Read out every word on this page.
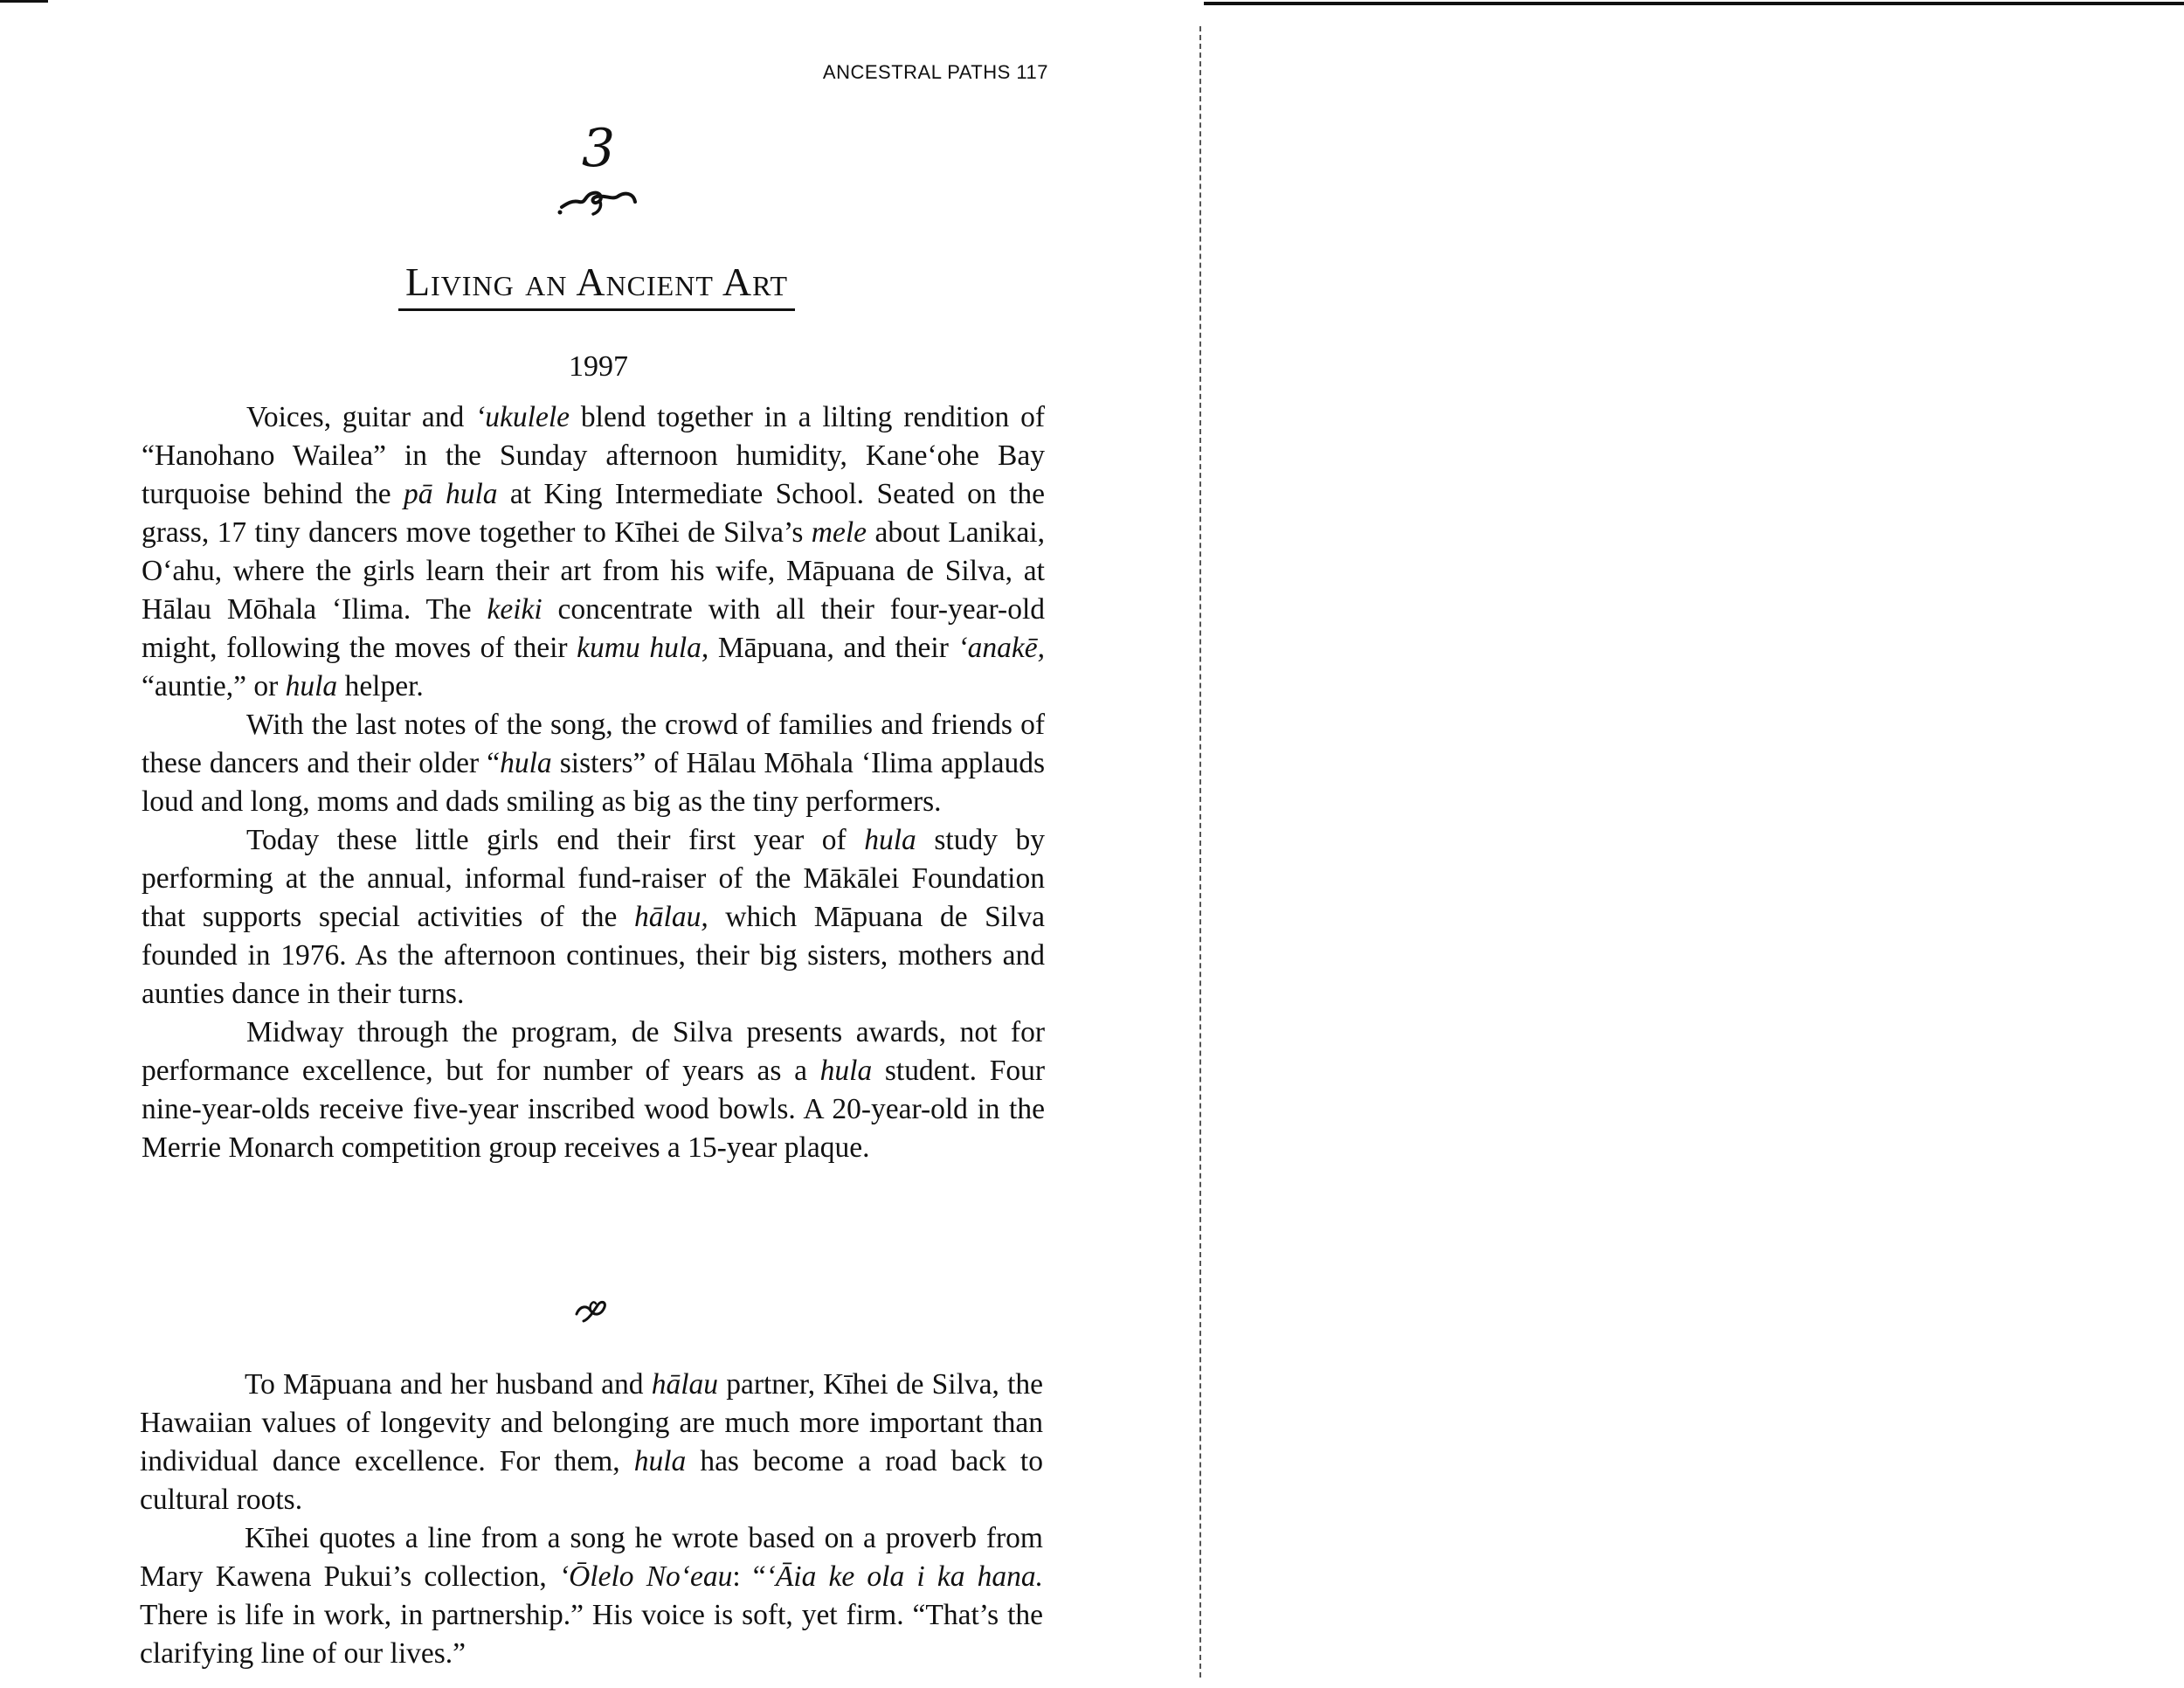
ANCESTRAL PATHS 117
3
Living an Ancient Art
1997

Voices, guitar and ‘ukulele blend together in a lilting rendition of “Hanohano Wailea” in the Sunday afternoon humidity, Kane‘ohe Bay turquoise behind the pā hula at King Intermediate School. Seated on the grass, 17 tiny dancers move together to Kīhei de Silva’s mele about Lanikai, O‘ahu, where the girls learn their art from his wife, Māpuana de Silva, at Hālau Mōhala ‘Ilima. The keiki concentrate with all their four-year-old might, following the moves of their kumu hula, Māpuana, and their ‘anakē, “auntie,” or hula helper.

With the last notes of the song, the crowd of families and friends of these dancers and their older “hula sisters” of Hālau Mōhala ‘Ilima applauds loud and long, moms and dads smiling as big as the tiny performers.

Today these little girls end their first year of hula study by performing at the annual, informal fund-raiser of the Mākālei Foundation that supports special activities of the hālau, which Māpuana de Silva founded in 1976. As the afternoon continues, their big sisters, mothers and aunties dance in their turns.

Midway through the program, de Silva presents awards, not for performance excellence, but for number of years as a hula student. Four nine-year-olds receive five-year inscribed wood bowls. A 20-year-old in the Merrie Monarch competition group receives a 15-year plaque.

To Māpuana and her husband and hālau partner, Kīhei de Silva, the Hawaiian values of longevity and belonging are much more important than individual dance excellence. For them, hula has become a road back to cultural roots.

Kīhei quotes a line from a song he wrote based on a proverb from Mary Kawena Pukui’s collection, ‘Ōlelo No‘eau: “‘Āia ke ola i ka hana. There is life in work, in partnership.” His voice is soft, yet firm. “That’s the clarifying line of our lives.”
